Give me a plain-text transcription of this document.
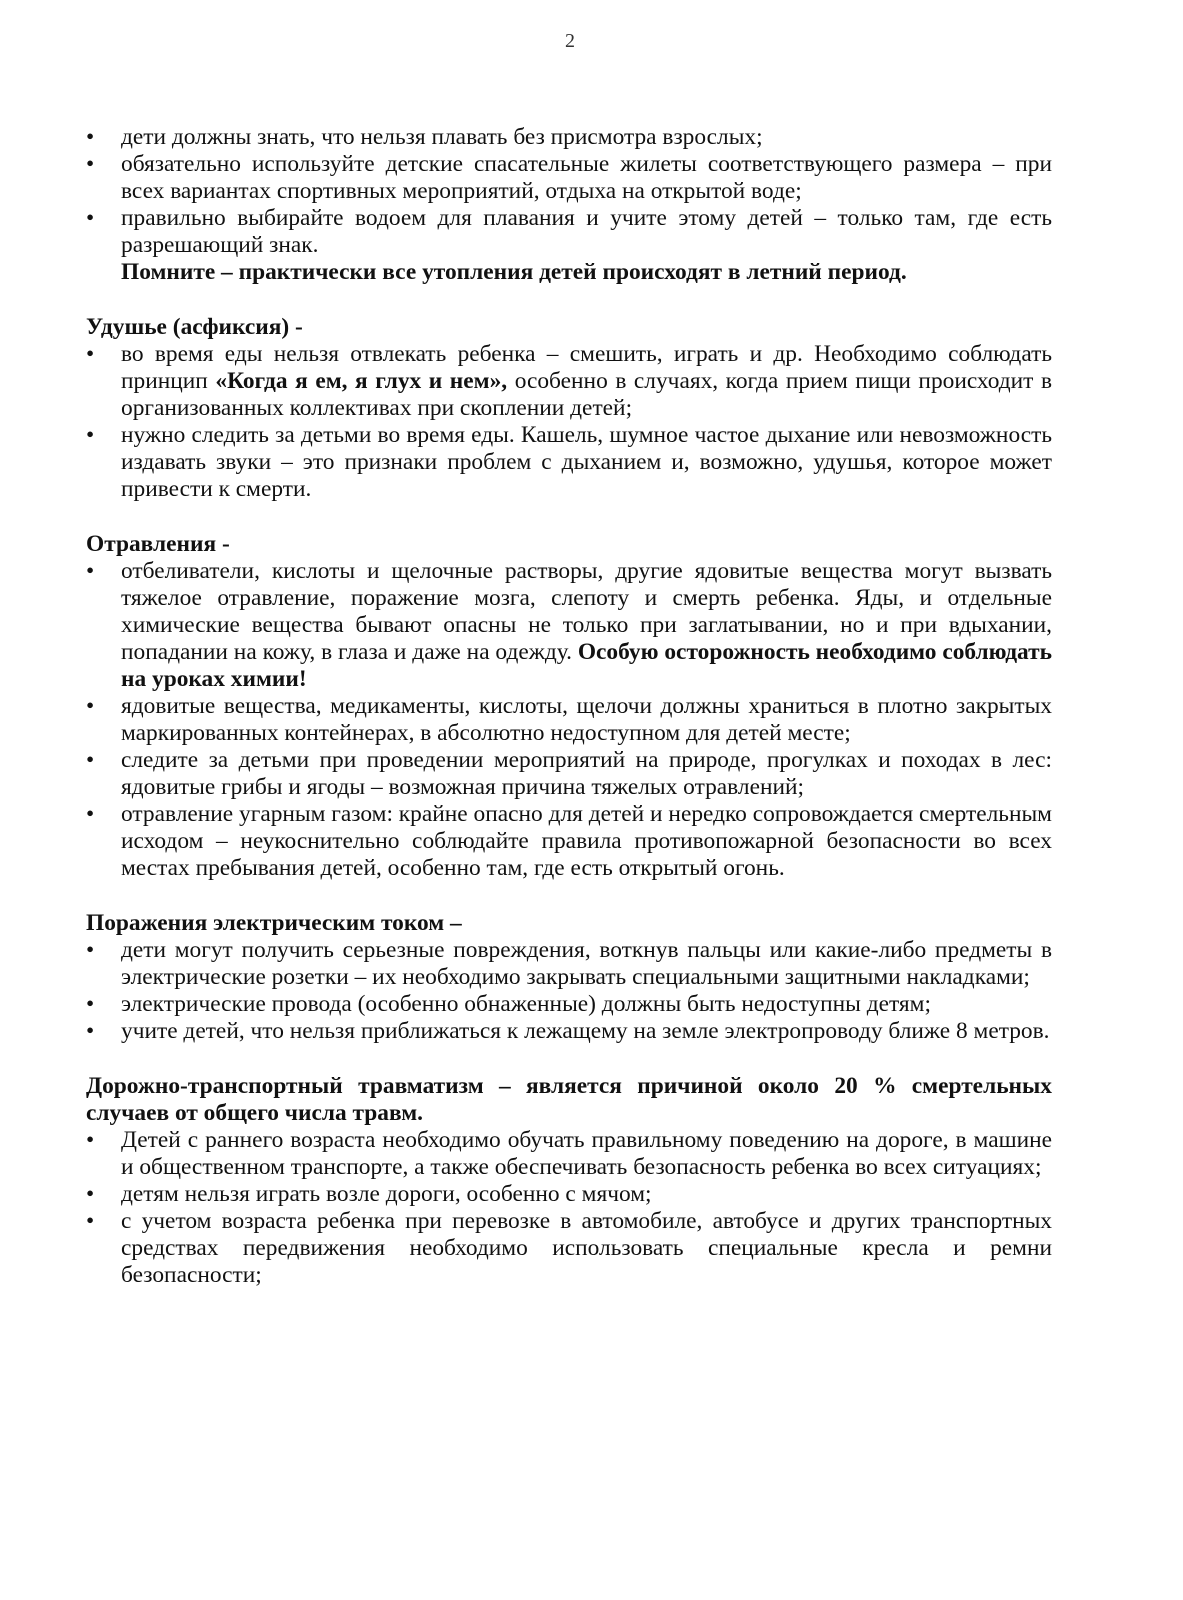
2
• дети должны знать, что нельзя плавать без присмотра взрослых;
• обязательно используйте детские спасательные жилеты соответствующего размера – при всех вариантах спортивных мероприятий, отдыха на открытой воде;
• правильно выбирайте водоем для плавания и учите этому детей – только там, где есть разрешающий знак.

Помните – практически все утопления детей происходят в летний период.

Удушье (асфиксия) -

• во время еды нельзя отвлекать ребенка – смешить, играть и др. Необходимо соблюдать принцип «Когда я ем, я глух и нем», особенно в случаях, когда прием пищи происходит в организованных коллективах при скоплении детей;
• нужно следить за детьми во время еды. Кашель, шумное частое дыхание или невозможность издавать звуки – это признаки проблем с дыханием и, возможно, удушья, которое может привести к смерти.

Отравления -

• отбеливатели, кислоты и щелочные растворы, другие ядовитые вещества могут вызвать тяжелое отравление, поражение мозга, слепоту и смерть ребенка. Яды, и отдельные химические вещества бывают опасны не только при заглатывании, но и при вдыхании, попадании на кожу, в глаза и даже на одежду. Особую осторожность необходимо соблюдать на уроках химии!
• ядовитые вещества, медикаменты, кислоты, щелочи должны храниться в плотно закрытых маркированных контейнерах, в абсолютно недоступном для детей месте;
• следите за детьми при проведении мероприятий на природе, прогулках и походах в лес: ядовитые грибы и ягоды – возможная причина тяжелых отравлений;
• отравление угарным газом: крайне опасно для детей и нередко сопровождается смертельным исходом – неукоснительно соблюдайте правила противопожарной безопасности во всех местах пребывания детей, особенно там, где есть открытый огонь.

Поражения электрическим током –

• дети могут получить серьезные повреждения, воткнув пальцы или какие-либо предметы в электрические розетки – их необходимо закрывать специальными защитными накладками;
• электрические провода (особенно обнаженные) должны быть недоступны детям;
• учите детей, что нельзя приближаться к лежащему на земле электропроводу ближе 8 метров.

Дорожно-транспортный травматизм – является причиной около 20 % смертельных случаев от общего числа травм.

• Детей с раннего возраста необходимо обучать правильному поведению на дороге, в машине и общественном транспорте, а также обеспечивать безопасность ребенка во всех ситуациях;
• детям нельзя играть возле дороги, особенно с мячом;
• с учетом возраста ребенка при перевозке в автомобиле, автобусе и других транспортных средствах передвижения необходимо использовать специальные кресла и ремни безопасности;
